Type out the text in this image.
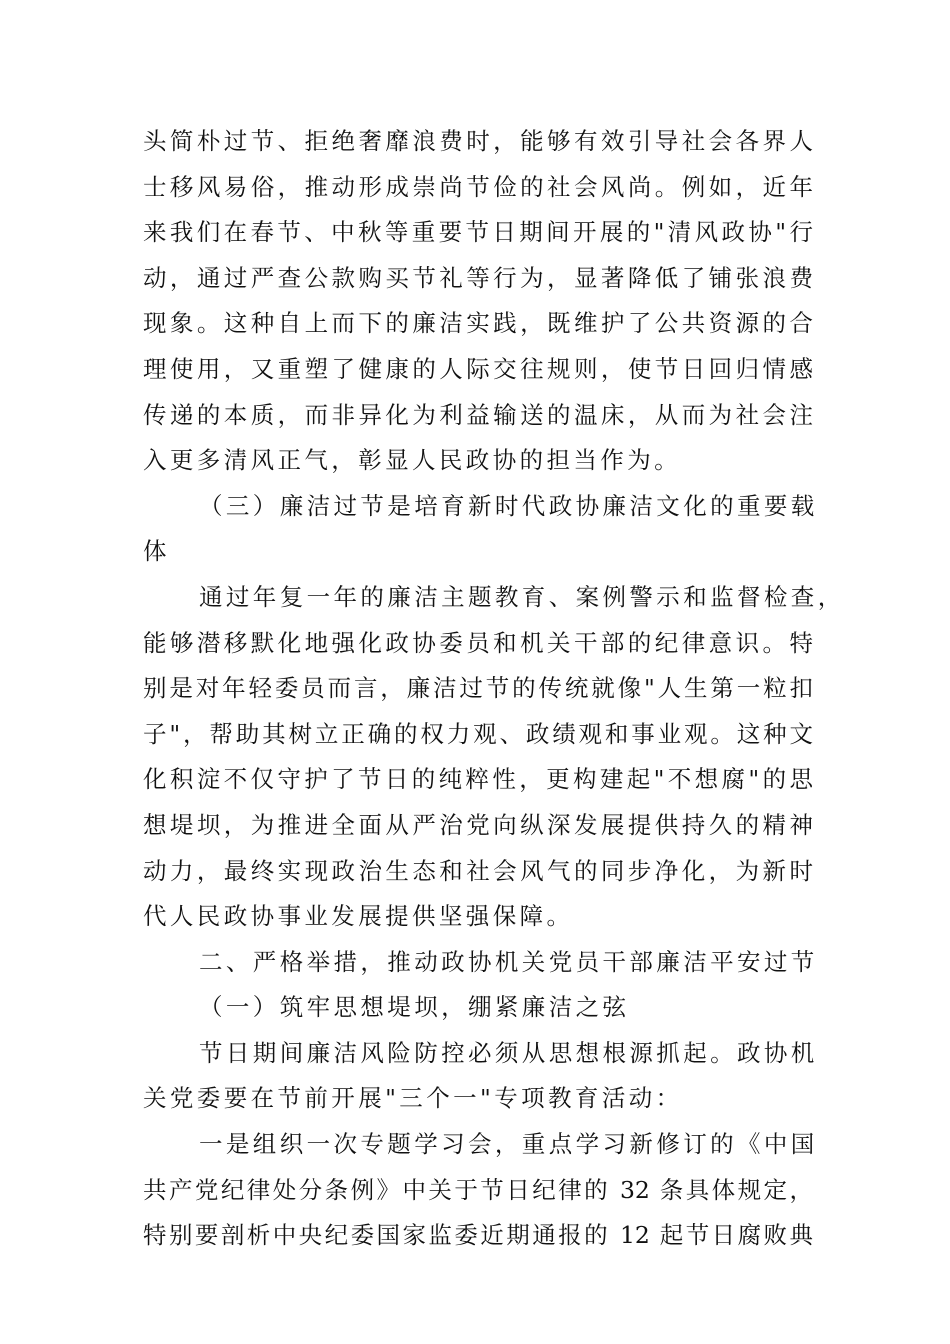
头简朴过节、拒绝奢靡浪费时，能够有效引导社会各界人

士移风易俗，推动形成崇尚节俭的社会风尚。例如，近年

来我们在春节、中秋等重要节日期间开展的"清风政协"行

动，通过严查公款购买节礼等行为，显著降低了铺张浪费

现象。这种自上而下的廉洁实践，既维护了公共资源的合

理使用，又重塑了健康的人际交往规则，使节日回归情感

传递的本质，而非异化为利益输送的温床，从而为社会注

入更多清风正气，彰显人民政协的担当作为。

（三）廉洁过节是培育新时代政协廉洁文化的重要载

体

通过年复一年的廉洁主题教育、案例警示和监督检查，

能够潜移默化地强化政协委员和机关干部的纪律意识。特

别是对年轻委员而言，廉洁过节的传统就像"人生第一粒扣

子"，帮助其树立正确的权力观、政绩观和事业观。这种文

化积淀不仅守护了节日的纯粹性，更构建起"不想腐"的思

想堤坝，为推进全面从严治党向纵深发展提供持久的精神

动力，最终实现政治生态和社会风气的同步净化，为新时

代人民政协事业发展提供坚强保障。

二、严格举措，推动政协机关党员干部廉洁平安过节

（一）筑牢思想堤坝，绷紧廉洁之弦

节日期间廉洁风险防控必须从思想根源抓起。政协机

关党委要在节前开展"三个一"专项教育活动：

一是组织一次专题学习会，重点学习新修订的《中国

共产党纪律处分条例》中关于节日纪律的 32 条具体规定，

特别要剖析中央纪委国家监委近期通报的 12 起节日腐败典
